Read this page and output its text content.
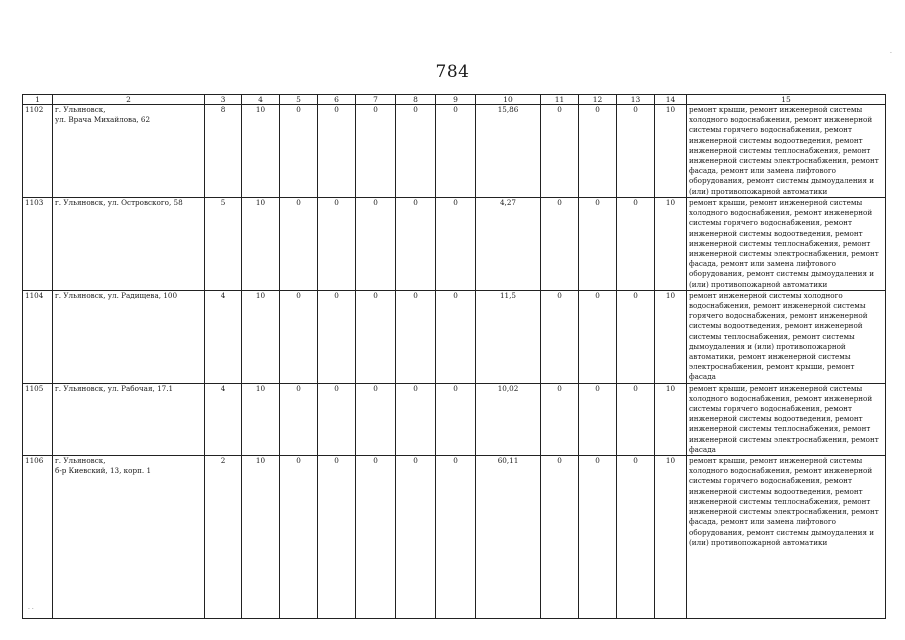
784
1	2	3	4	5	6	7	8	9	10	11	12	13	14	15
1102	г. Ульяновск,
ул. Врача Михайлова, 62	8	10	0	0	0	0	0	15,86	0	0	0	10	ремонт крыши, ремонт инженерной системы холодного водоснабжения, ремонт инженерной системы горячего водоснабжения, ремонт инженерной системы водоотведения, ремонт инженерной системы теплоснабжения, ремонт инженерной системы электроснабжения, ремонт фасада, ремонт или замена лифтового оборудования, ремонт системы дымоудаления и (или) противопожарной автоматики
1103	г. Ульяновск, ул. Островского, 58	5	10	0	0	0	0	0	4,27	0	0	0	10	ремонт крыши, ремонт инженерной системы холодного водоснабжения, ремонт инженерной системы горячего водоснабжения, ремонт инженерной системы водоотведения, ремонт инженерной системы теплоснабжения, ремонт инженерной системы электроснабжения, ремонт фасада, ремонт или замена лифтового оборудования, ремонт системы дымоудаления и (или) противопожарной автоматики
1104	г. Ульяновск, ул. Радищева, 100	4	10	0	0	0	0	0	11,5	0	0	0	10	ремонт инженерной системы холодного водоснабжения, ремонт инженерной системы горячего водоснабжения, ремонт инженерной системы водоотведения, ремонт инженерной системы теплоснабжения, ремонт системы дымоудаления и (или) противопожарной автоматики, ремонт инженерной системы электроснабжения, ремонт крыши, ремонт фасада
1105	г. Ульяновск, ул. Рабочая, 17.1	4	10	0	0	0	0	0	10,02	0	0	0	10	ремонт крыши, ремонт инженерной системы холодного водоснабжения, ремонт инженерной системы горячего водоснабжения, ремонт инженерной системы водоотведения, ремонт инженерной системы теплоснабжения, ремонт инженерной системы электроснабжения, ремонт фасада
1106	г. Ульяновск,
б-р Киевский, 13, корп. 1	2	10	0	0	0	0	0	60,11	0	0	0	10	ремонт крыши, ремонт инженерной системы холодного водоснабжения, ремонт инженерной системы горячего водоснабжения, ремонт инженерной системы водоотведения, ремонт инженерной системы теплоснабжения, ремонт инженерной системы электроснабжения, ремонт фасада, ремонт или замена лифтового оборудования, ремонт системы дымоудаления и (или) противопожарной автоматики
· ·
·
